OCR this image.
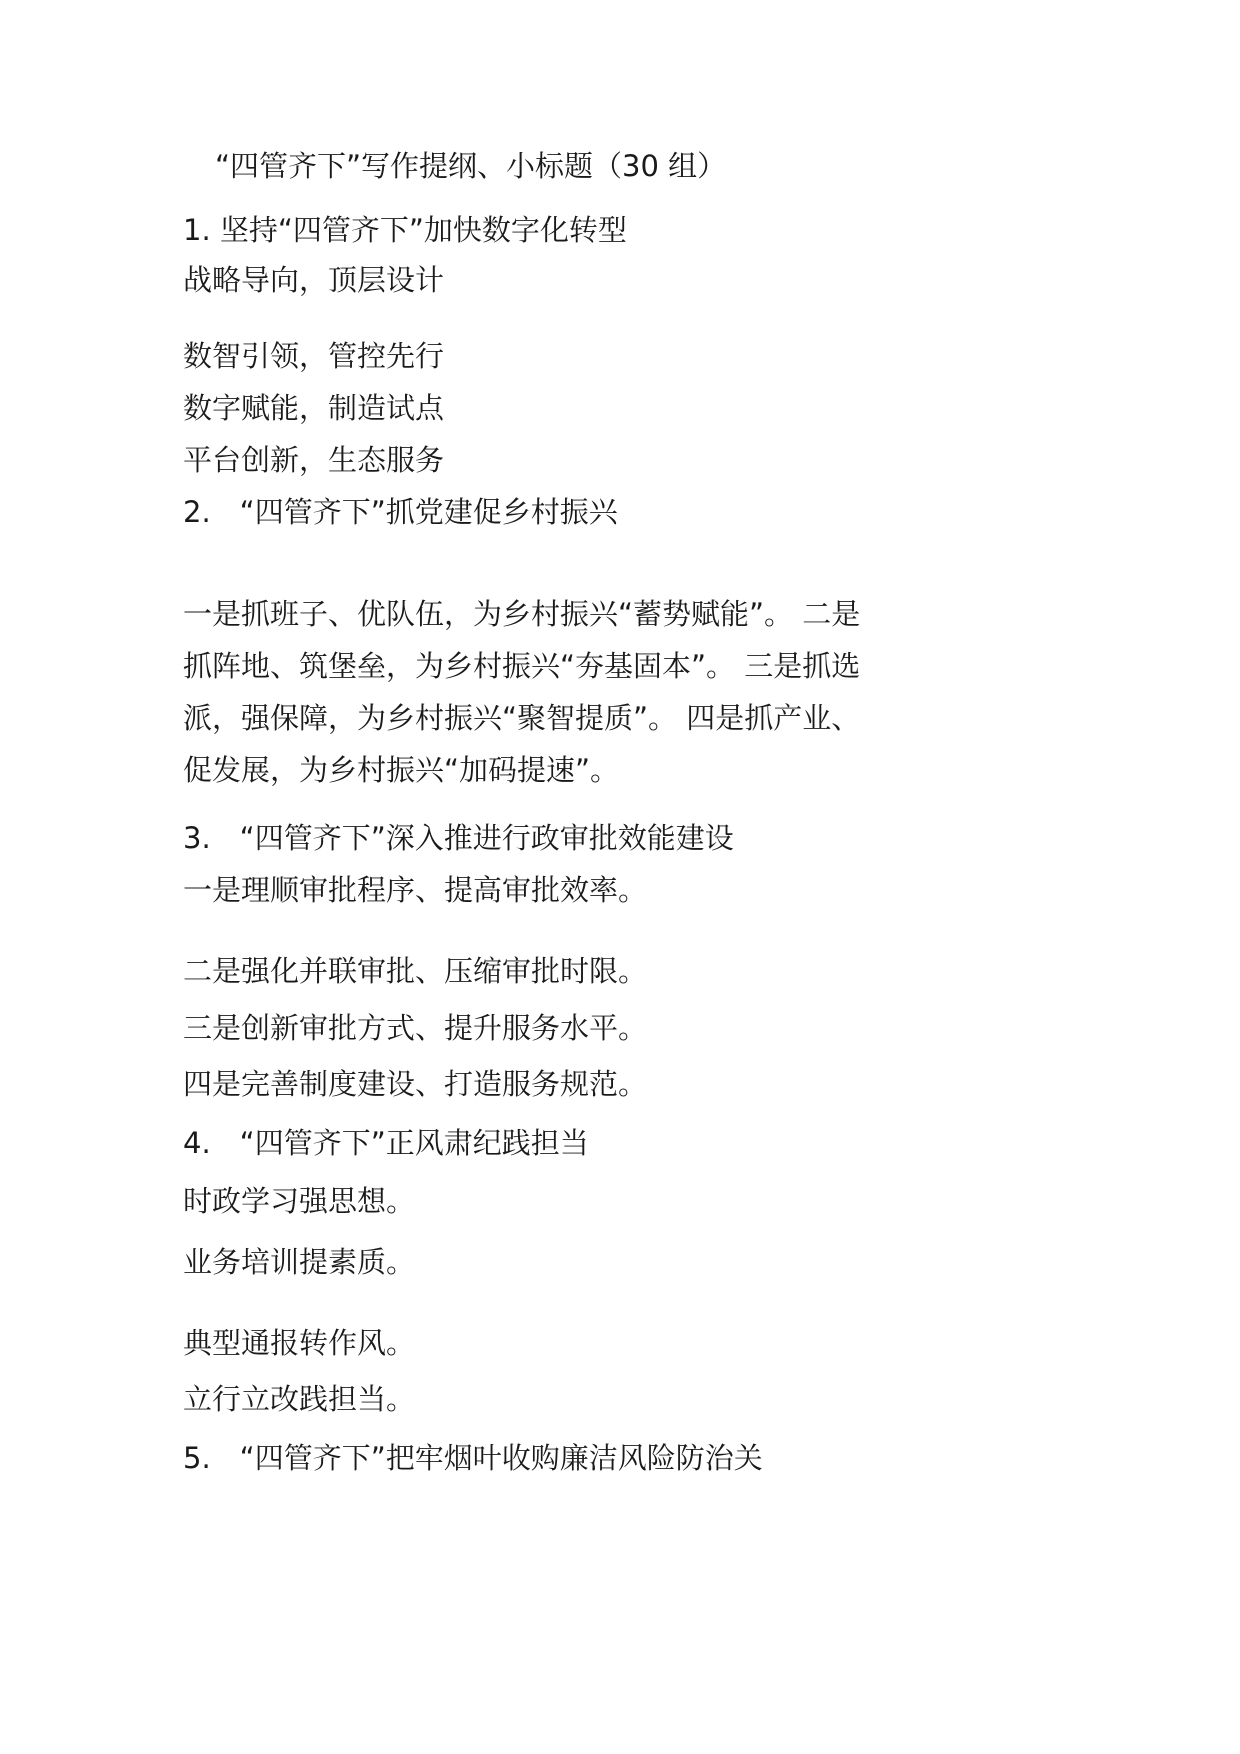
“四管齐下”写作提纲、小标题（30 组）
1. 坚持“四管齐下”加快数字化转型
战略导向，顶层设计
数智引领，管控先行
数字赋能，制造试点
平台创新，生态服务
2.　“四管齐下”抓党建促乡村振兴
一是抓班子、优队伍，为乡村振兴“蓄势赋能”。 二是
抓阵地、筑堡垒，为乡村振兴“夯基固本”。 三是抓选
派，强保障，为乡村振兴“聚智提质”。 四是抓产业、
促发展，为乡村振兴“加码提速”。
3.　“四管齐下”深入推进行政审批效能建设
一是理顺审批程序、提高审批效率。
二是强化并联审批、压缩审批时限。
三是创新审批方式、提升服务水平。
四是完善制度建设、打造服务规范。
4.　“四管齐下”正风肃纪践担当
时政学习强思想。
业务培训提素质。
典型通报转作风。
立行立改践担当。
5.　“四管齐下”把牢烟叶收购廉洁风险防治关
